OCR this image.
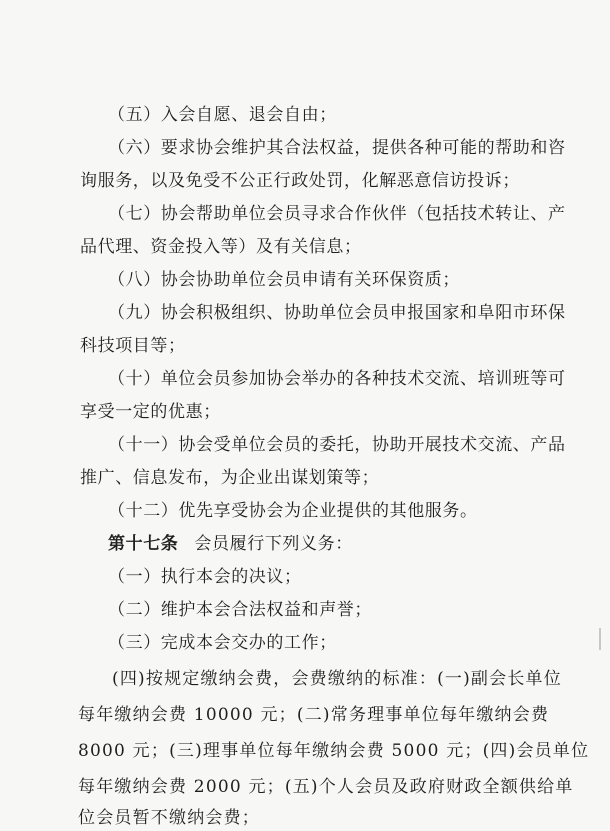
（五）入会自愿、退会自由；
（六）要求协会维护其合法权益，提供各种可能的帮助和咨
询服务，以及免受不公正行政处罚，化解恶意信访投诉；
（七）协会帮助单位会员寻求合作伙伴（包括技术转让、产
品代理、资金投入等）及有关信息；
（八）协会协助单位会员申请有关环保资质；
（九）协会积极组织、协助单位会员申报国家和阜阳市环保
科技项目等；
（十）单位会员参加协会举办的各种技术交流、培训班等可
享受一定的优惠；
（十一）协会受单位会员的委托，协助开展技术交流、产品
推广、信息发布，为企业出谋划策等；
（十二）优先享受协会为企业提供的其他服务。
第十七条 会员履行下列义务：
（一）执行本会的决议；
（二）维护本会合法权益和声誉；
（三）完成本会交办的工作；
(四)按规定缴纳会费，会费缴纳的标准：(一)副会长单位
每年缴纳会费 10000 元；(二)常务理事单位每年缴纳会费
8000 元；(三)理事单位每年缴纳会费 5000 元；(四)会员单位
每年缴纳会费 2000 元；(五)个人会员及政府财政全额供给单
位会员暂不缴纳会费；
